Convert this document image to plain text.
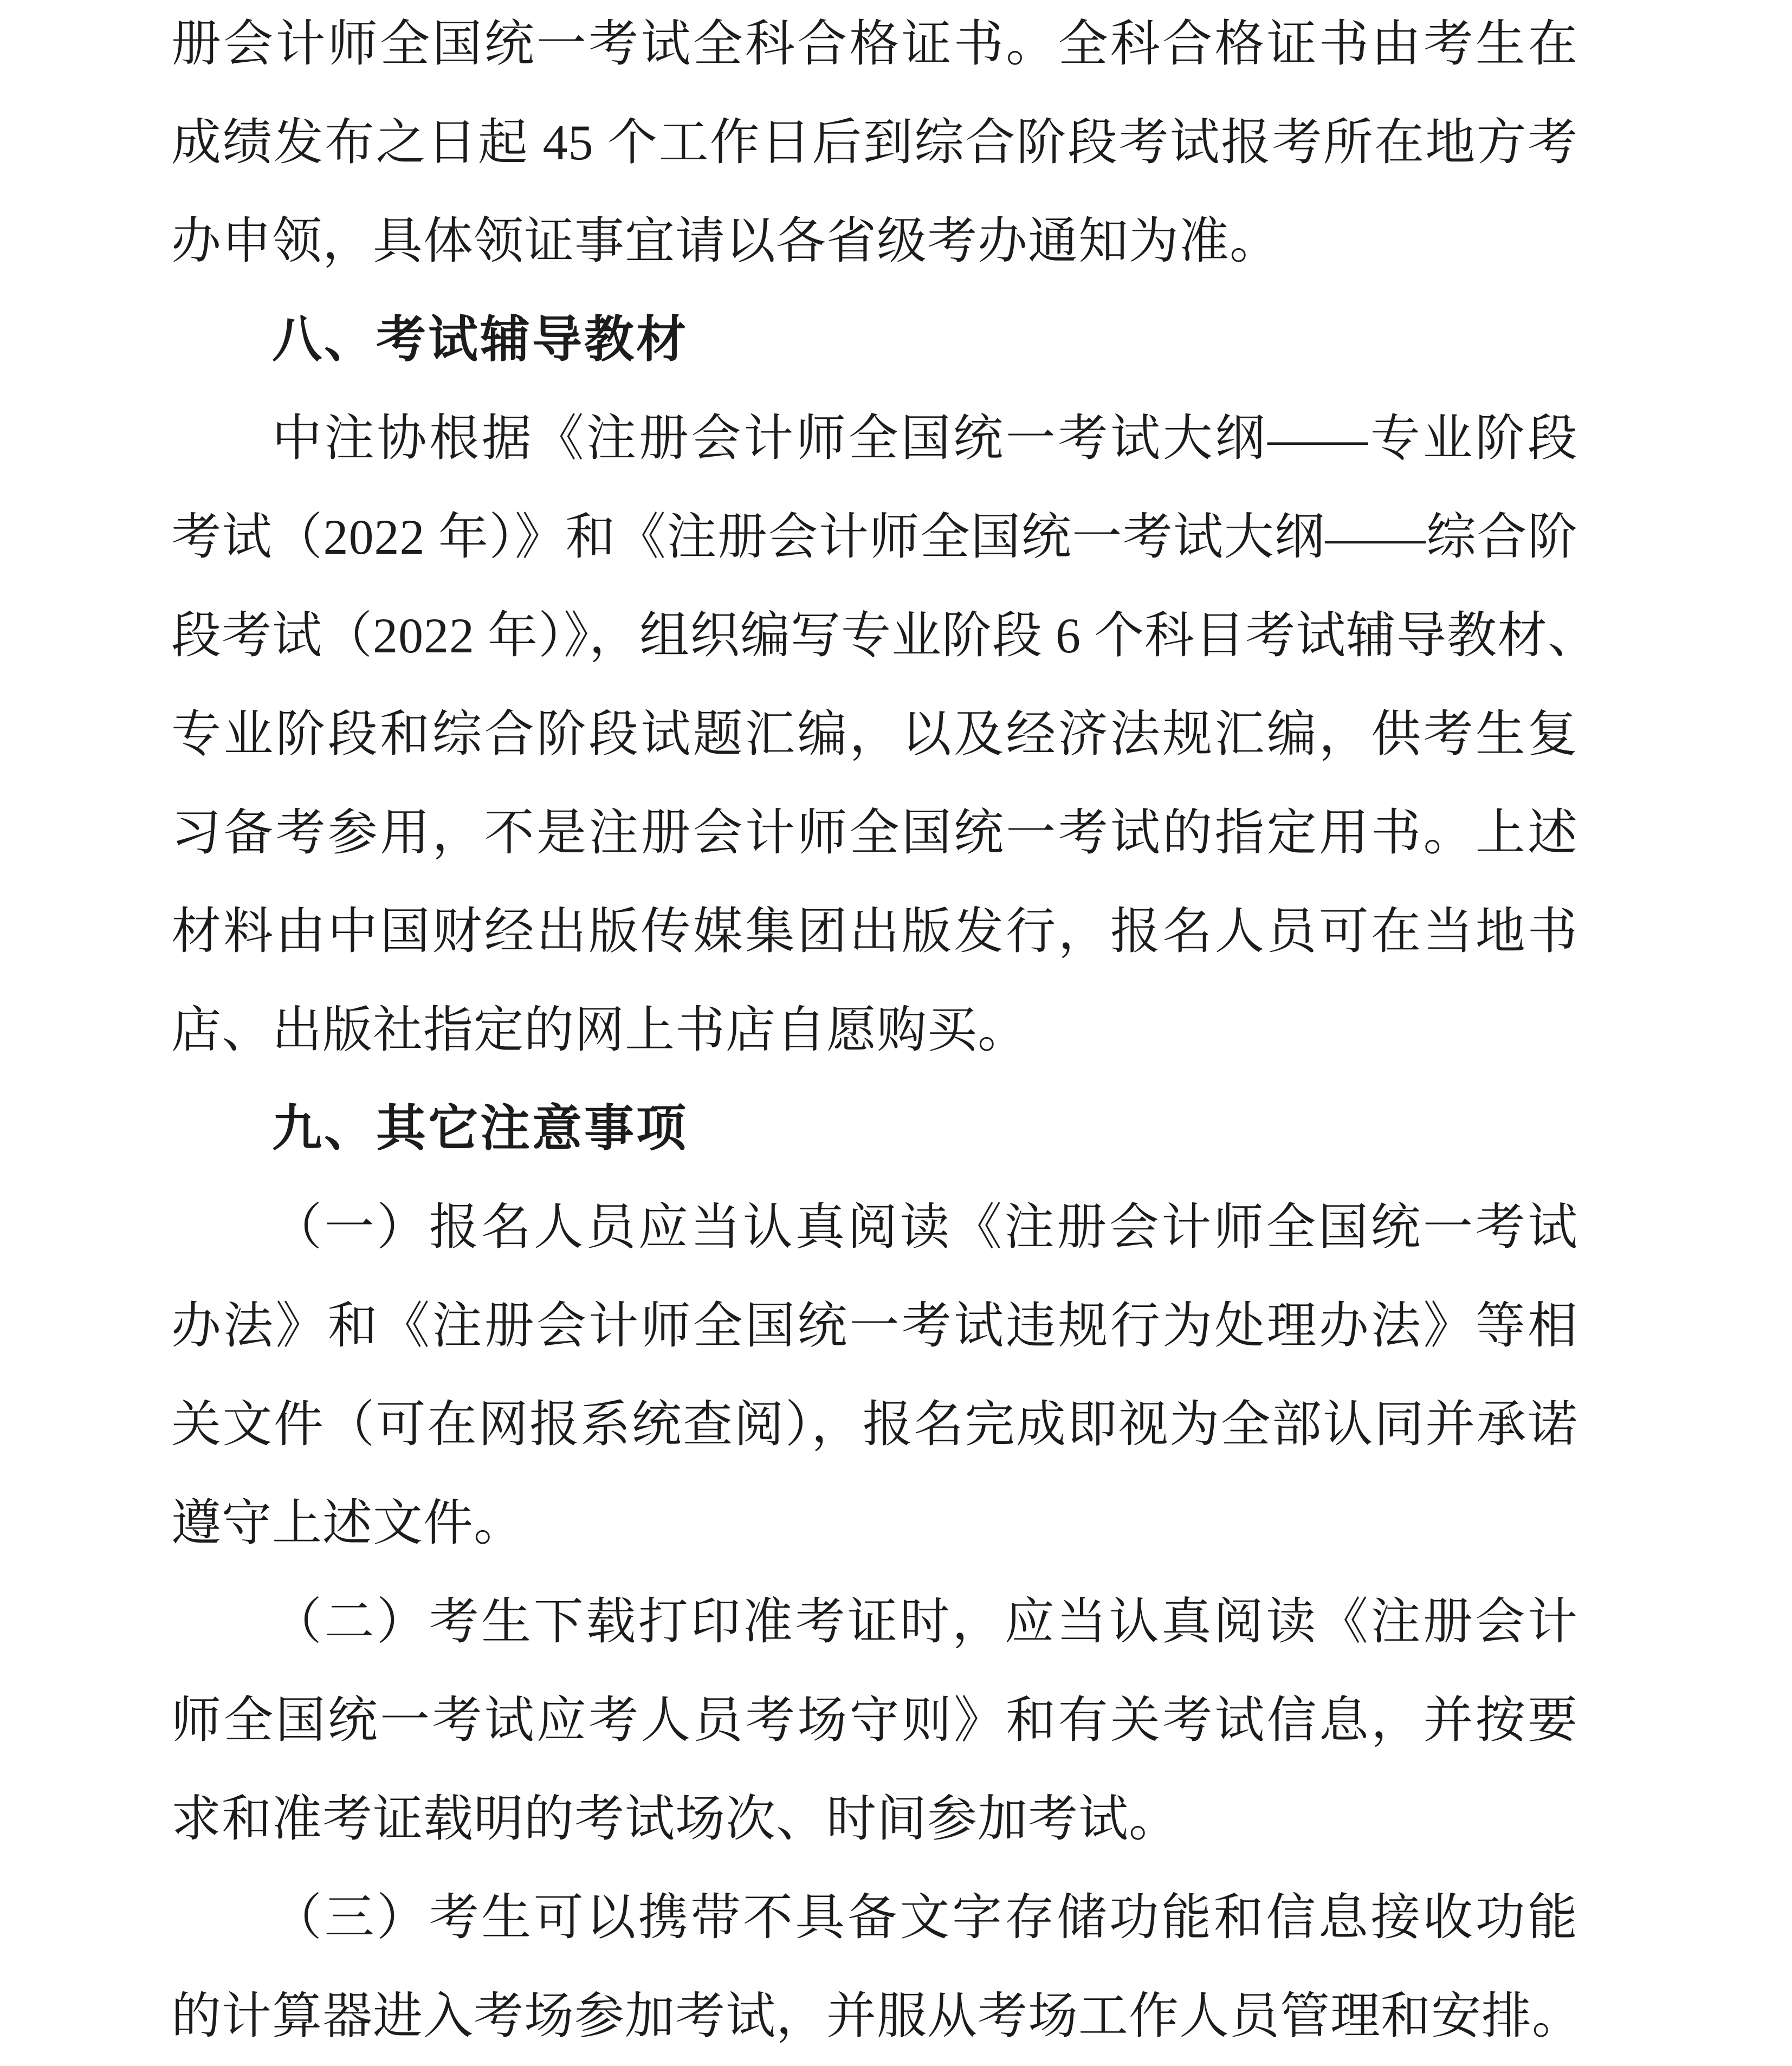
册会计师全国统一考试全科合格证书。全科合格证书由考生在
成绩发布之日起 45 个工作日后到综合阶段考试报考所在地方考
办申领，具体领证事宜请以各省级考办通知为准。
八、考试辅导教材
中注协根据《注册会计师全国统一考试大纲——专业阶段
考试（2022 年）》和《注册会计师全国统一考试大纲——综合阶
段考试（2022 年）》，组织编写专业阶段 6 个科目考试辅导教材、
专业阶段和综合阶段试题汇编，以及经济法规汇编，供考生复
习备考参用，不是注册会计师全国统一考试的指定用书。上述
材料由中国财经出版传媒集团出版发行，报名人员可在当地书
店、出版社指定的网上书店自愿购买。
九、其它注意事项
（一）报名人员应当认真阅读《注册会计师全国统一考试
办法》和《注册会计师全国统一考试违规行为处理办法》等相
关文件（可在网报系统查阅），报名完成即视为全部认同并承诺
遵守上述文件。
（二）考生下载打印准考证时，应当认真阅读《注册会计
师全国统一考试应考人员考场守则》和有关考试信息，并按要
求和准考证载明的考试场次、时间参加考试。
（三）考生可以携带不具备文字存储功能和信息接收功能
的计算器进入考场参加考试，并服从考场工作人员管理和安排。
